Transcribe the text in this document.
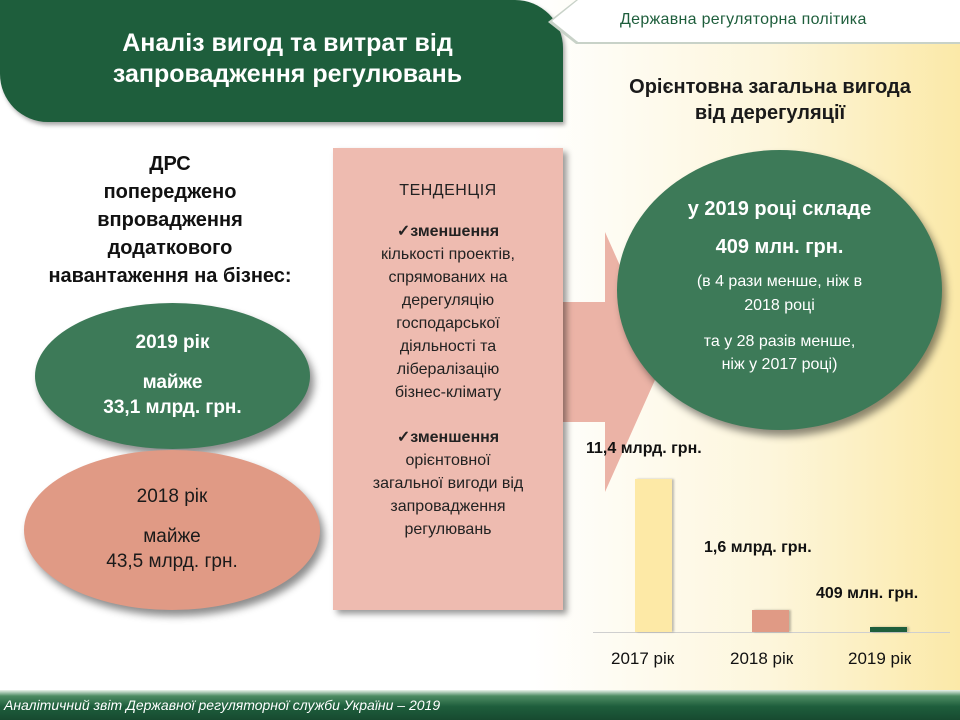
Аналіз вигод та витрат від
запровадження регулювань
Державна регуляторна політика
Орієнтовна загальна вигода
від дерегуляції
ДРС
попереджено
впровадження
додаткового
навантаження на бізнес:
2019 рік
майже
33,1 млрд. грн.
2018 рік
майже
43,5 млрд. грн.
ТЕНДЕНЦІЯ
✓зменшення
кількості проектів,
спрямованих на
дерегуляцію
господарської
діяльності та
лібералізацію
бізнес-клімату
✓зменшення
орієнтовної
загальної вигоди від
запровадження
регулювань
у 2019 році складе
409 млн. грн.
(в 4 рази менше, ніж в
2018 році
та у 28 разів менше,
ніж у 2017 році)
11,4 млрд. грн.
2017 рік
1,6 млрд. грн.
2018 рік
409 млн. грн.
2019 рік
Аналітичний звіт Державної регуляторної служби України – 2019
